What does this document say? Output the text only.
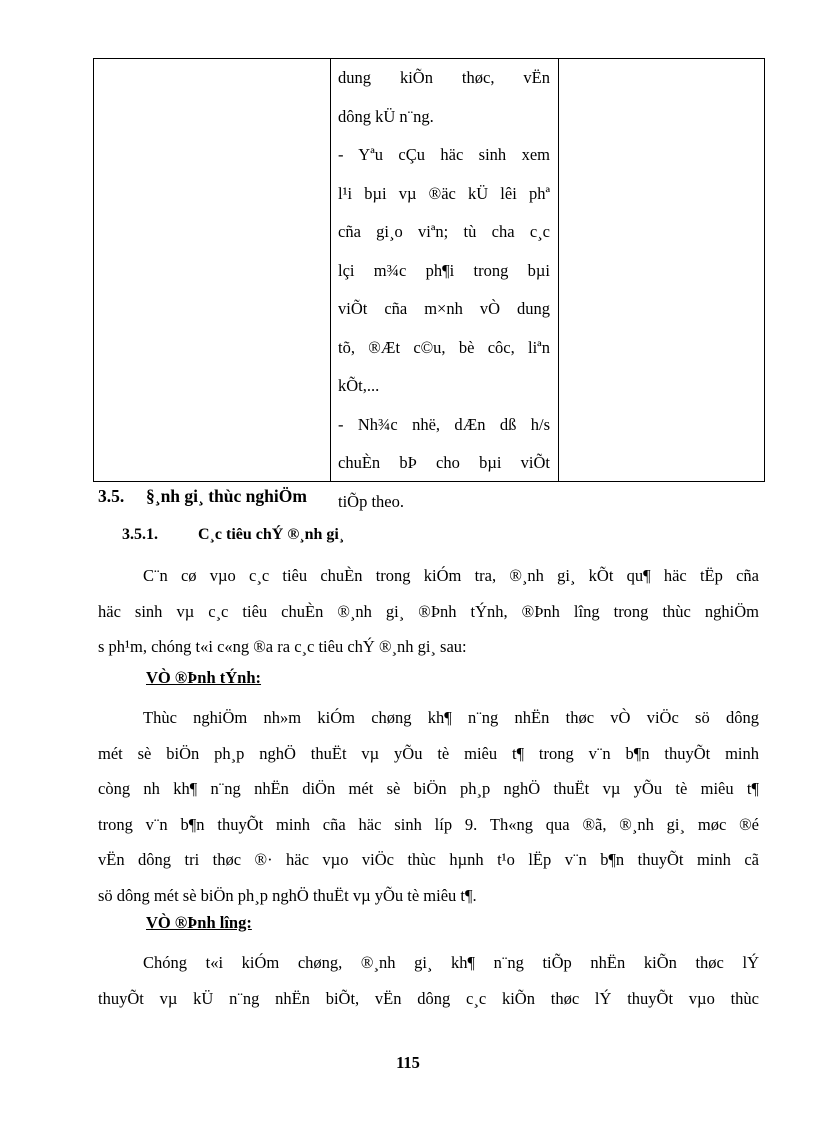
dung kiÕn thøc, vËn
dông kÜ n¨ng.
- Yªu cÇu häc sinh xem
l¹i bµi vµ ®äc kÜ lêi phª
cña gi¸o viªn; tù cha c¸c
lçi m¾c ph¶i trong bµi
viÕt cña m×nh vÒ dung
tõ, ®Æt c©u, bè côc, liªn
kÕt,...
- Nh¾c nhë, dÆn dß h/s
chuÈn bÞ cho bµi viÕt
tiÕp theo.
3.5. §¸nh gi¸ thùc nghiÖm
3.5.1.	C¸c tiêu chÝ ®¸nh gi¸
C¨n cø vµo c¸c tiêu chuÈn trong kiÓm tra, ®¸nh gi¸ kÕt qu¶ häc tËp cña
häc sinh vµ c¸c tiêu chuÈn ®¸nh gi¸ ®Þnh tÝnh, ®Þnh lîng trong thùc nghiÖm
s ph¹m, chóng t«i c«ng ®a ra c¸c tiêu chÝ ®¸nh gi¸ sau:
VÒ ®Þnh tÝnh:
Thùc nghiÖm nh»m kiÓm chøng kh¶ n¨ng nhËn thøc vÒ viÖc sö dông
mét sè biÖn ph¸p nghÖ thuËt vµ yÕu tè miêu t¶ trong v¨n b¶n thuyÕt minh
còng nh kh¶ n¨ng nhËn diÖn mét sè biÖn ph¸p nghÖ thuËt vµ yÕu tè miêu t¶
trong v¨n b¶n thuyÕt minh cña häc sinh líp 9. Th«ng qua ®ã, ®¸nh gi¸ møc ®é
vËn dông tri thøc ®· häc vµo viÖc thùc hµnh t¹o lËp v¨n b¶n thuyÕt minh cã
sö dông mét sè biÖn ph¸p nghÖ thuËt vµ yÕu tè miêu t¶.
VÒ ®Þnh lîng:
Chóng t«i kiÓm chøng, ®¸nh gi¸ kh¶ n¨ng tiÕp nhËn kiÕn thøc lÝ
thuyÕt vµ kÜ n¨ng nhËn biÕt, vËn dông c¸c kiÕn thøc lÝ thuyÕt vµo thùc
115
